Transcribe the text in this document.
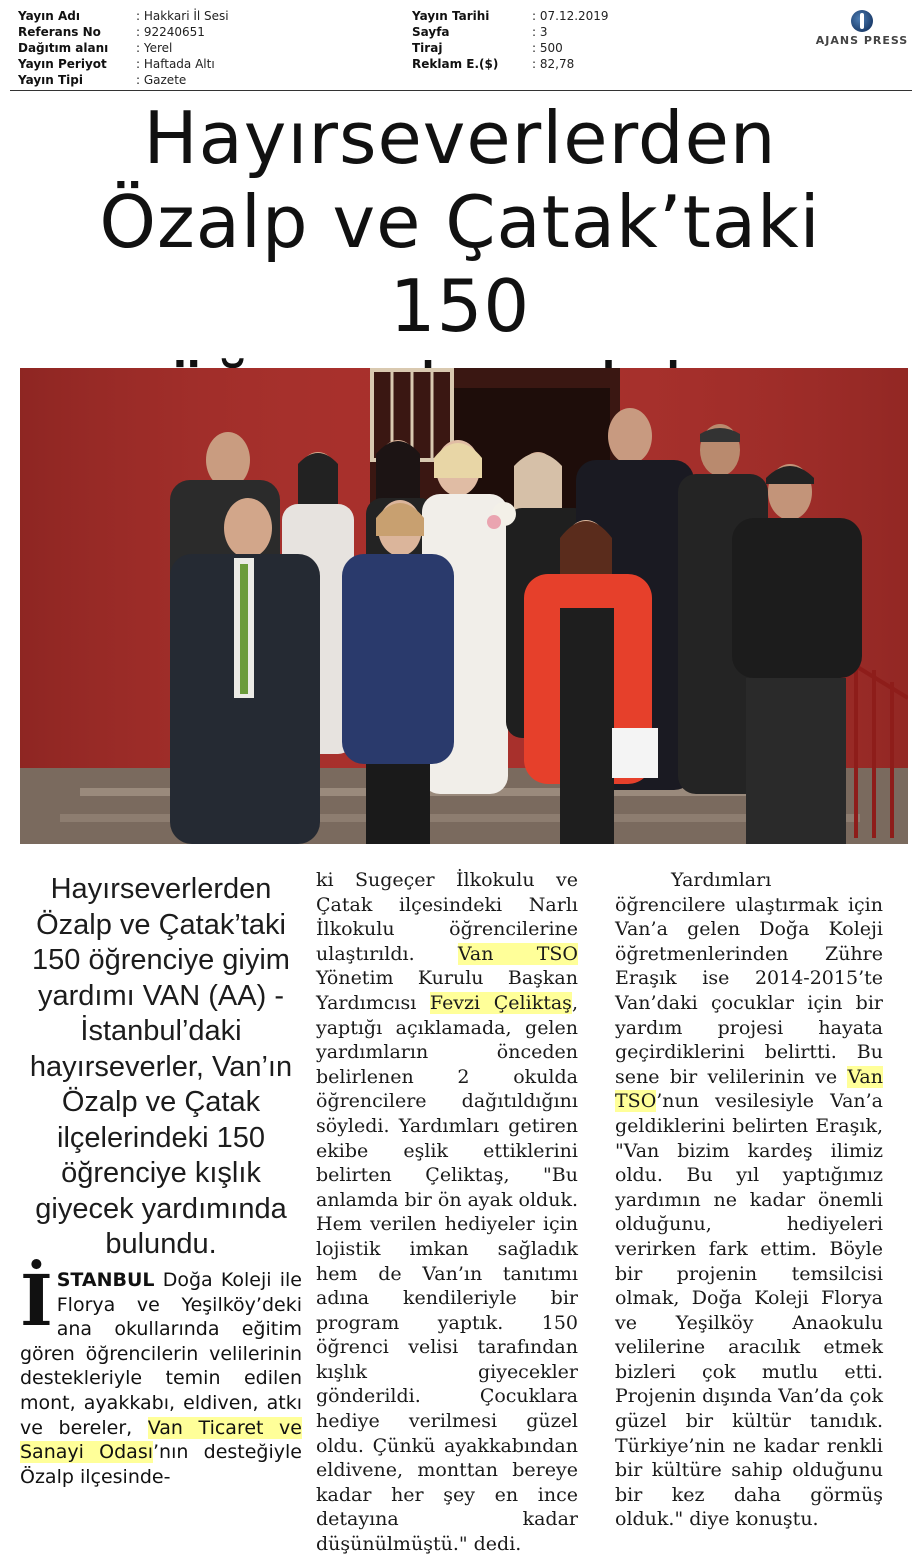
Yayın Adı	: Hakkari İl Sesi
Referans No	: 92240651
Dağıtım alanı	: Yerel
Yayın Periyot	: Haftada Altı
Yayın Tipi	: Gazete
Yayın Tarihi	: 07.12.2019
Sayfa	: 3
Tiraj	: 500
Reklam E.($)	: 82,78
AJANS PRESS
Hayırseverlerden
Özalp ve Çatak’taki 150

Hayırseverlerden Özalp ve Çatak’taki 150 öğrenciye giyim yardımı VAN (AA) - İstanbul’daki hayırseverler, Van’ın Özalp ve Çatak ilçelerindeki 150 öğrenciye kışlık giyecek yardımında bulundu.

İSTANBUL Doğa Koleji ile Florya ve Yeşilköy’deki ana okullarında eğitim gören öğrencilerin velilerinin destekleriyle temin edilen mont, ayakkabı, eldiven, atkı ve bereler, Van Ticaret ve Sanayi Odası’nın desteğiyle Özalp ilçesinde-

ki Sugeçer İlkokulu ve Çatak ilçesindeki Narlı İlkokulu öğrencilerine ulaştırıldı. Van TSO Yönetim Kurulu Başkan Yardımcısı Fevzi Çeliktaş, yaptığı açıklamada, gelen yardımların önceden belirlenen 2 okulda öğrencilere dağıtıldığını söyledi. Yardımları getiren ekibe eşlik ettiklerini belirten Çeliktaş, "Bu anlamda bir ön ayak olduk. Hem verilen hediyeler için lojistik imkan sağladık hem de Van’ın tanıtımı adına kendileriyle bir program yaptık. 150 öğrenci velisi tarafından kışlık giyecekler gönderildi. Çocuklara hediye verilmesi güzel oldu. Çünkü ayakkabından eldivene, monttan bereye kadar her şey en ince detayına kadar düşünülmüştü." dedi.

Yardımları öğrencilere ulaştırmak için Van’a gelen Doğa Koleji öğretmenlerinden Zühre Eraşık ise 2014-2015’te Van’daki çocuklar için bir yardım projesi hayata geçirdiklerini belirtti. Bu sene bir velilerinin ve Van TSO’nun vesilesiyle Van’a geldiklerini belirten Eraşık, "Van bizim kardeş ilimiz oldu. Bu yıl yaptığımız yardımın ne kadar önemli olduğunu, hediyeleri verirken fark ettim. Böyle bir projenin temsilcisi olmak, Doğa Koleji Florya ve Yeşilköy Anaokulu velilerine aracılık etmek bizleri çok mutlu etti. Projenin dışında Van’da çok güzel bir kültür tanıdık. Türkiye’nin ne kadar renkli bir kültüre sahip olduğunu bir kez daha görmüş olduk." diye konuştu.
